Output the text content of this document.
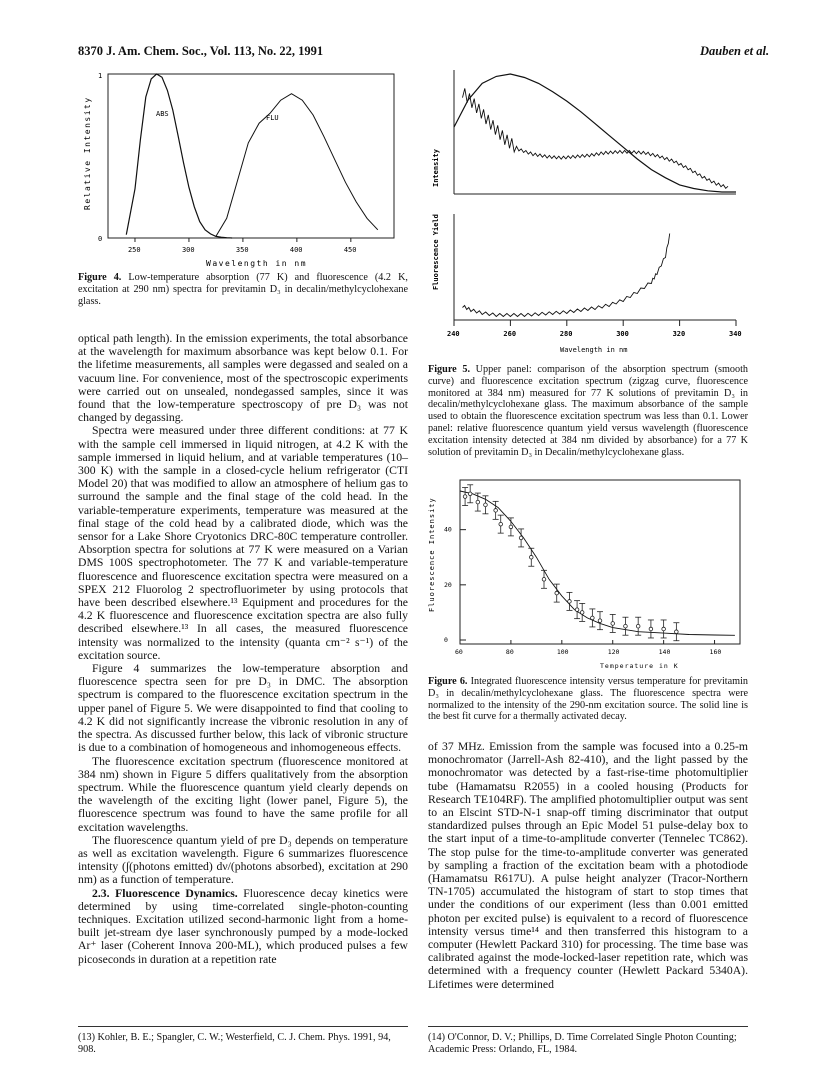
8370 J. Am. Chem. Soc., Vol. 113, No. 22, 1991	Dauben et al.
1
0
Relative Intensity
250	300	350	400	450
Wavelength in nm
ABS	FLU
Figure 4. Low-temperature absorption (77 K) and fluorescence (4.2 K, excitation at 290 nm) spectra for previtamin D₃ in decalin/methylcyclohexane glass.
Intensity
Fluorescence Yield
240	260	280	300	320	340
Wavelength in nm
Figure 5. Upper panel: comparison of the absorption spectrum (smooth curve) and fluorescence excitation spectrum (zigzag curve, fluorescence monitored at 384 nm) measured for 77 K solutions of previtamin D₃ in decalin/methylcyclohexane glass. The maximum absorbance of the sample used to obtain the fluorescence excitation spectrum was less than 0.1. Lower panel: relative fluorescence quantum yield versus wavelength (fluorescence excitation intensity detected at 384 nm divided by absorbance) for a 77 K solution of previtamin D₃ in Decalin/methylcyclohexane glass.
Fluorescence Intensity 40
20
0
60	80	100	120	140	160
Temperature in K
Figure 6. Integrated fluorescence intensity versus temperature for previtamin D₃ in decalin/methylcyclohexane glass. The fluorescence spectra were normalized to the intensity of the 290-nm excitation source. The solid line is the best fit curve for a thermally activated decay.

optical path length). In the emission experiments, the total absorbance at the wavelength for maximum absorbance was kept below 0.1. For the lifetime measurements, all samples were degassed and sealed on a vacuum line. For convenience, most of the spectroscopic experiments were carried out on unsealed, nondegassed samples, since it was found that the low-temperature spectroscopy of pre D₃ was not changed by degassing.

Spectra were measured under three different conditions: at 77 K with the sample cell immersed in liquid nitrogen, at 4.2 K with the sample immersed in liquid helium, and at variable temperatures (10–300 K) with the sample in a closed-cycle helium refrigerator (CTI Model 20) that was modified to allow an atmosphere of helium gas to surround the sample and the final stage of the cold head. In the variable-temperature experiments, temperature was measured at the final stage of the cold head by a calibrated diode, which was the sensor for a Lake Shore Cryotonics DRC-80C temperature controller. Absorption spectra for solutions at 77 K were measured on a Varian DMS 100S spectrophotometer. The 77 K and variable-temperature fluorescence and fluorescence excitation spectra were measured on a SPEX 212 Fluorolog 2 spectrofluorimeter by using protocols that have been described elsewhere.¹³ Equipment and procedures for the 4.2 K fluorescence and fluorescence excitation spectra are also fully described elsewhere.¹³ In all cases, the measured fluorescence intensity was normalized to the intensity (quanta cm⁻² s⁻¹) of the excitation source.

Figure 4 summarizes the low-temperature absorption and fluorescence spectra seen for pre D₃ in DMC. The absorption spectrum is compared to the fluorescence excitation spectrum in the upper panel of Figure 5. We were disappointed to find that cooling to 4.2 K did not significantly increase the vibronic resolution in any of the spectra. As discussed further below, this lack of vibronic structure is due to a combination of homogeneous and inhomogeneous effects.

The fluorescence excitation spectrum (fluorescence monitored at 384 nm) shown in Figure 5 differs qualitatively from the absorption spectrum. While the fluorescence quantum yield clearly depends on the wavelength of the exciting light (lower panel, Figure 5), the fluorescence spectrum was found to have the same profile for all excitation wavelengths.

The fluorescence quantum yield of pre D₃ depends on temperature as well as excitation wavelength. Figure 6 summarizes fluorescence intensity (∫(photons emitted) dν/(photons absorbed), excitation at 290 nm) as a function of temperature.

2.3. Fluorescence Dynamics. Fluorescence decay kinetics were determined by using time-correlated single-photon-counting techniques. Excitation utilized second-harmonic light from a home-built jet-stream dye laser synchronously pumped by a mode-locked Ar⁺ laser (Coherent Innova 200-ML), which produced pulses a few picoseconds in duration at a repetition rate

of 37 MHz. Emission from the sample was focused into a 0.25-m monochromator (Jarrell-Ash 82-410), and the light passed by the monochromator was detected by a fast-rise-time photomultiplier tube (Hamamatsu R2055) in a cooled housing (Products for Research TE104RF). The amplified photomultiplier output was sent to an Elscint STD-N-1 snap-off timing discriminator that output standardized pulses through an Epic Model 51 pulse-delay box to the start input of a time-to-amplitude converter (Tennelec TC862). The stop pulse for the time-to-amplitude converter was generated by sampling a fraction of the excitation beam with a photodiode (Hamamatsu R617U). A pulse height analyzer (Tracor-Northern TN-1705) accumulated the histogram of start to stop times that under the conditions of our experiment (less than 0.001 emitted photon per excited pulse) is equivalent to a record of fluorescence intensity versus time¹⁴ and then transferred this histogram to a computer (Hewlett Packard 310) for processing. The time base was calibrated against the mode-locked-laser repetition rate, which was determined with a frequency counter (Hewlett Packard 5340A). Lifetimes were determined

(13) Kohler, B. E.; Spangler, C. W.; Westerfield, C. J. Chem. Phys. 1991, 94, 908.
(14) O'Connor, D. V.; Phillips, D. Time Correlated Single Photon Counting; Academic Press: Orlando, FL, 1984.
